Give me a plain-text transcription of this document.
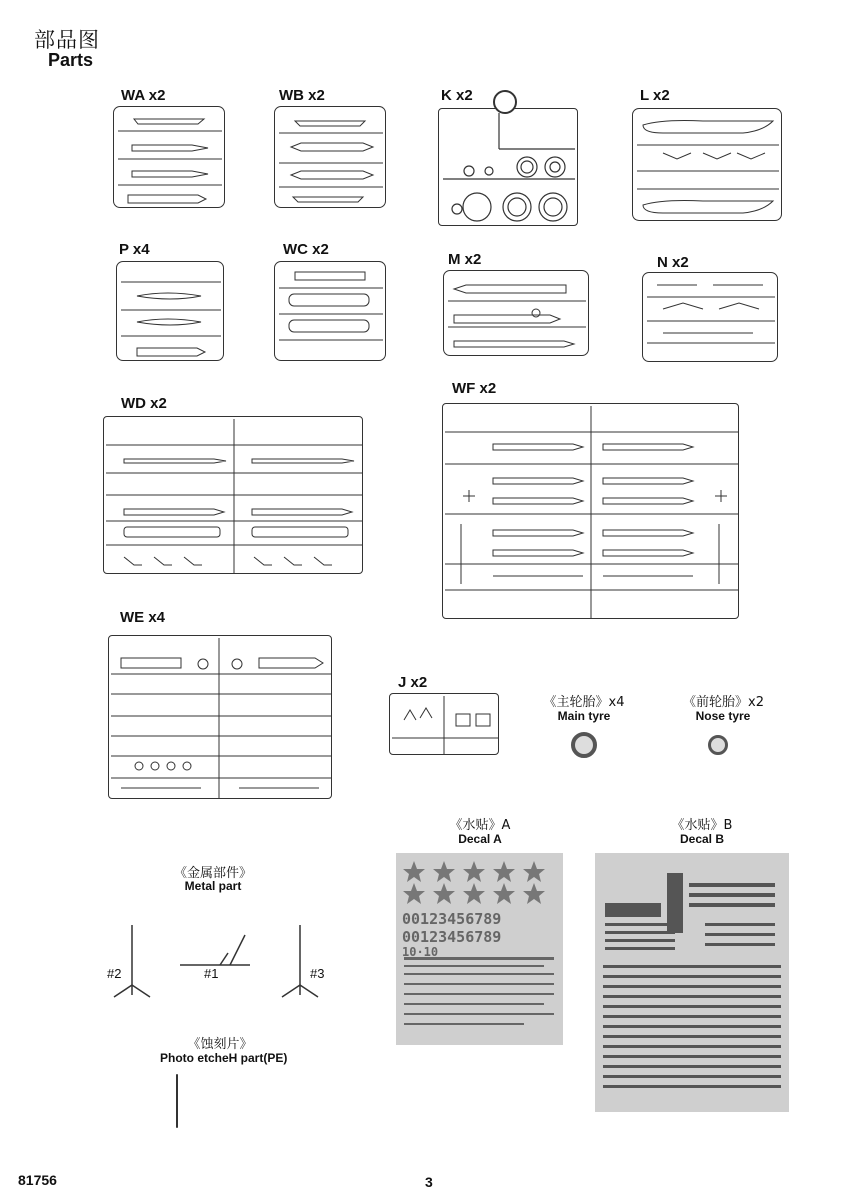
部品图
Parts
WA x2	WB x2	K x2	L x2
P x4	WC x2
M x2	N x2
WD x2
WF x2
WE x4
J x2
《主轮胎》x4
Main tyre
《前轮胎》x2
Nose tyre
《水贴》A
Decal A
00123456789
00123456789
10·10
《水贴》B
Decal B
《金属部件》
Metal part
#2	#1	#3
《蚀刻片》
Photo etcheH part(PE)
81756	3
